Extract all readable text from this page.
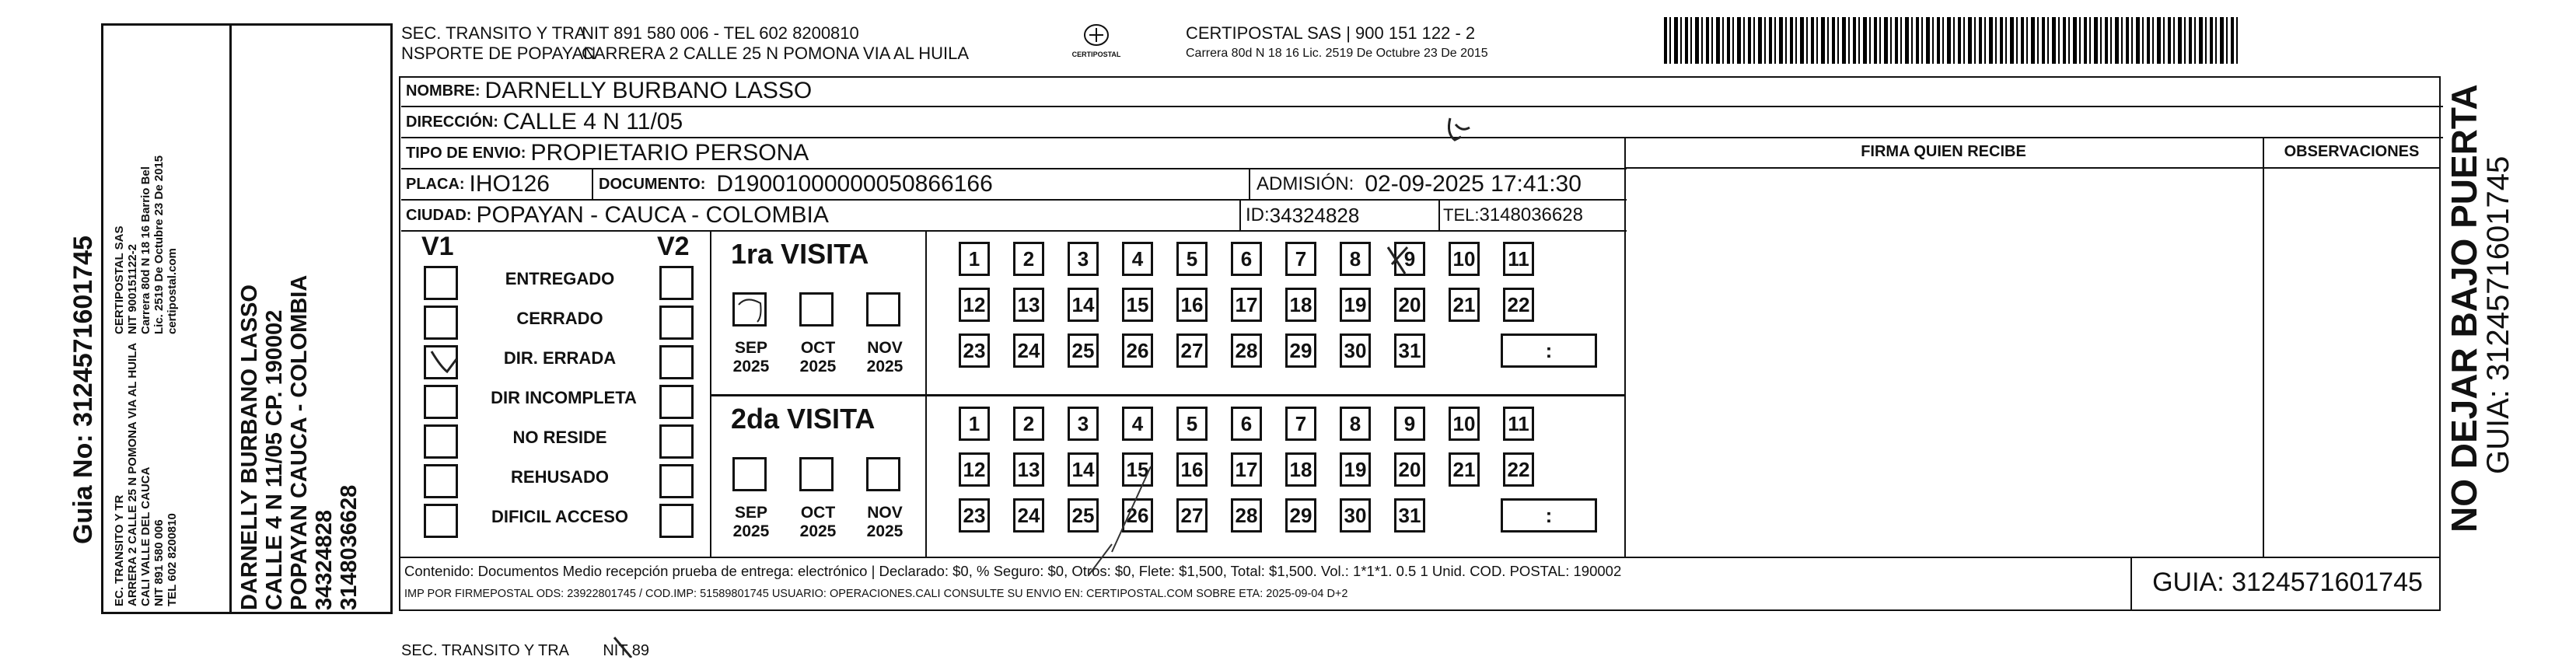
Guia No: 3124571601745
EC. TRANSITO Y TR ARRERA 2 CALLE 25 N POMONA VIA AL HUILA CALI VALLE DEL CAUCA NIT 891 580 006 TEL 602 8200810
CERTIPOSTAL SAS NIT 900151122-2 Carrera 80d N 18 16 Barrio Bel Lic. 2519 De Octubre 23 De 2015 certipostal.com	DARNELLY BURBANO LASSO CALLE 4 N 11/05 CP. 190002 POPAYAN CAUCA - COLOMBIA 34324828 3148036628
SEC. TRANSITO Y TRA
NSPORTE DE POPAYAN
NIT 891 580 006 - TEL 602 8200810
CARRERA 2 CALLE 25 N POMONA VIA AL HUILA	CERTIPOSTAL
CERTIPOSTAL SAS | 900 151 122 - 2
Carrera 80d N 18 16 Lic. 2519 De Octubre 23 De 2015
NOMBRE: DARNELLY BURBANO LASSO
DIRECCIÓN: CALLE 4 N 11/05
TIPO DE ENVIO: PROPIETARIO PERSONA
PLACA: IHO126	DOCUMENTO: D19001000000050866166	ADMISIÓN: 02-09-2025 17:41:30
CIUDAD: POPAYAN - CAUCA - COLOMBIA	ID: 34324828	TEL: 3148036628
FIRMA QUIEN RECIBE	OBSERVACIONES
V1	V2
ENTREGADO
CERRADO
DIR. ERRADA
DIR INCOMPLETA
NO RESIDE
REHUSADO
DIFICIL ACCESO
1ra VISITA
2da VISITA
SEP
2025
OCT
2025
NOV
2025
1	2	3	4	5	6	7	8	9	10 11
12 13 14 15 16 17 18 19 20 21 22
23 24 25 26 27 28 29 30 31	:
SEP
2025
OCT
2025
NOV
2025
1	2	3	4	5	6	7	8	9	10 11
12 13 14 15 16 17 18 19 20 21 22
23 24 25 26 27 28 29 30 31	:
Contenido: Documentos Medio recepción prueba de entrega: electrónico | Declarado: $0, % Seguro: $0, Otros: $0, Flete: $1,500, Total: $1,500. Vol.: 1*1*1. 0.5 1 Unid. COD. POSTAL: 190002
IMP POR FIRMEPOSTAL ODS: 23922801745 / COD.IMP: 51589801745 USUARIO: OPERACIONES.CALI CONSULTE SU ENVIO EN: CERTIPOSTAL.COM SOBRE ETA: 2025-09-04 D+2	GUIA: 3124571601745
NO DEJAR BAJO PUERTA
GUIA: 3124571601745
SEC. TRANSITO Y TRA        NIT 89
